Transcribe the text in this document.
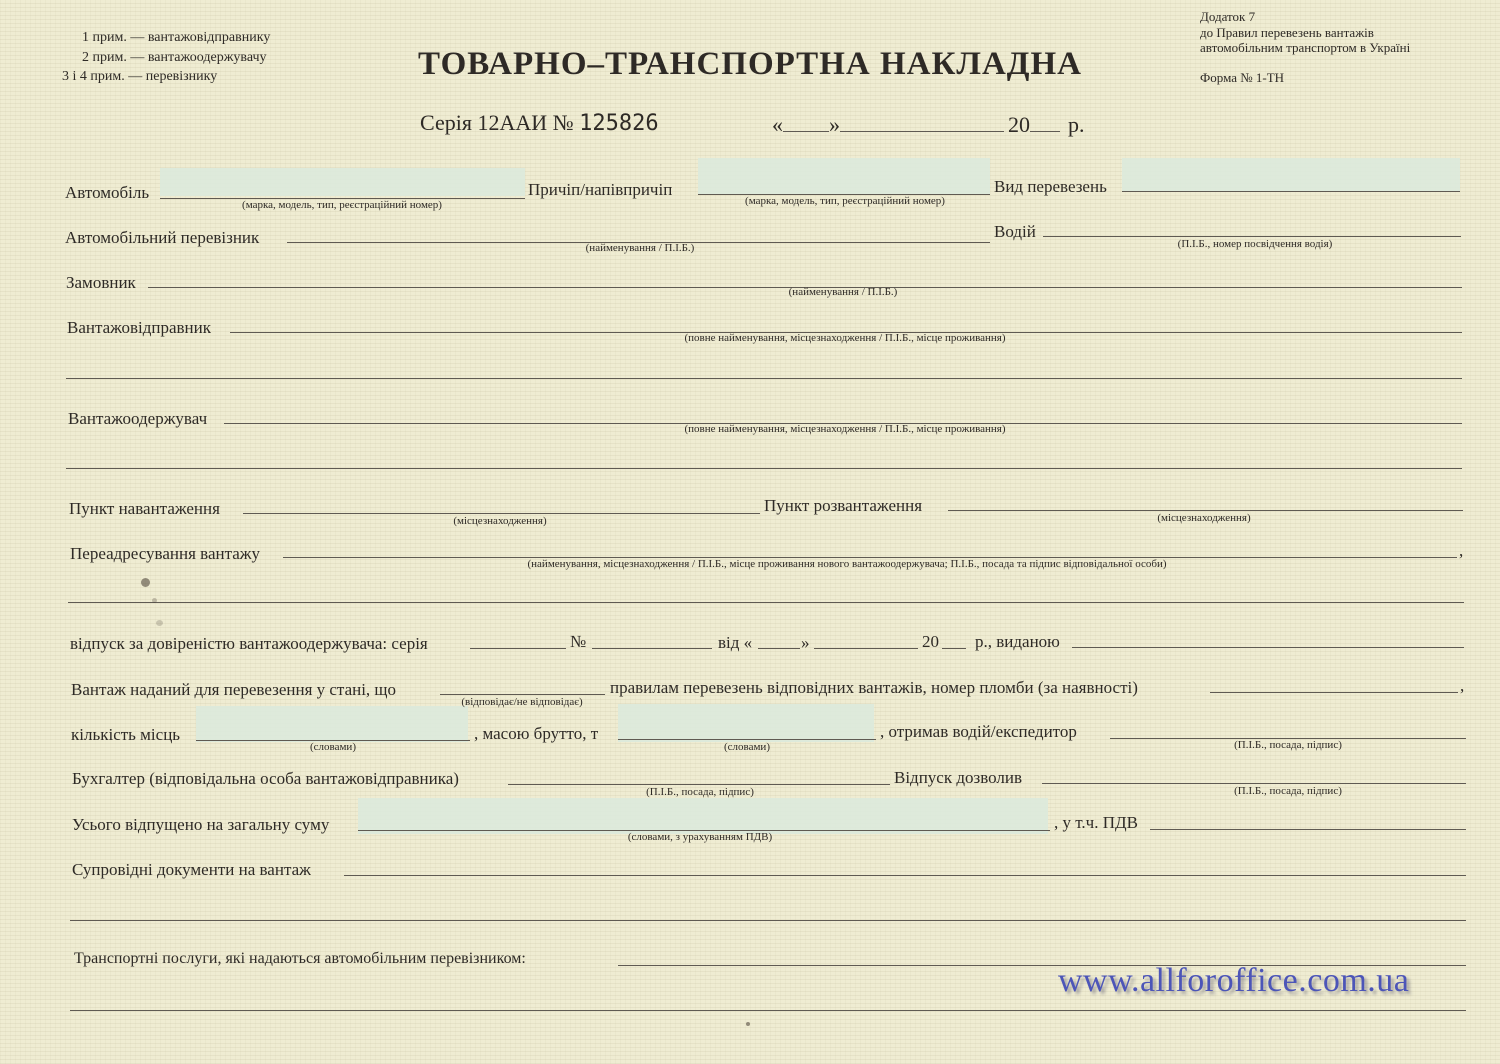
1 прим. — вантажовідправнику
2 прим. — вантажоодержувачу
3 і 4 прим. — перевізнику
Додаток 7
до Правил перевезень вантажів
автомобільним транспортом в Україні
Форма № 1-ТН
ТОВАРНО–ТРАНСПОРТНА НАКЛАДНА
Серія 12ААИ № 125826	« »	20 р.
Автомобіль
(марка, модель, тип, реєстраційний номер)
Причіп/напівпричіп
(марка, модель, тип, реєстраційний номер)
Вид перевезень
Автомобільний перевізник
(найменування / П.І.Б.)
Водій
(П.І.Б., номер посвідчення водія)
Замовник	(найменування / П.І.Б.)
Вантажовідправник
(повне найменування, місцезнаходження / П.І.Б., місце проживання)
Вантажоодержувач
(повне найменування, місцезнаходження / П.І.Б., місце проживання)
Пункт навантаження
(місцезнаходження)
Пункт розвантаження
(місцезнаходження)
Переадресування вантажу	,
(найменування, місцезнаходження / П.І.Б., місце проживання нового вантажоодержувача; П.І.Б., посада та підпис відповідальної особи)
відпуск за довіреністю вантажоодержувача: серія	№	від «	»	20 р., виданою
Вантаж наданий для перевезення у стані, що
(відповідає/не відповідає)
правилам перевезень відповідних вантажів, номер пломби (за наявності)	,
кількість місць
(словами)
, масою брутто, т
(словами)
, отримав водій/експедитор
(П.І.Б., посада, підпис)
Бухгалтер (відповідальна особа вантажовідправника)
(П.І.Б., посада, підпис)
Відпуск дозволив
(П.І.Б., посада, підпис)
Усього відпущено на загальну суму
(словами, з урахуванням ПДВ)
, у т.ч. ПДВ
Супровідні документи на вантаж
Транспортні послуги, які надаються автомобільним перевізником:
www.allforoffice.com.ua
